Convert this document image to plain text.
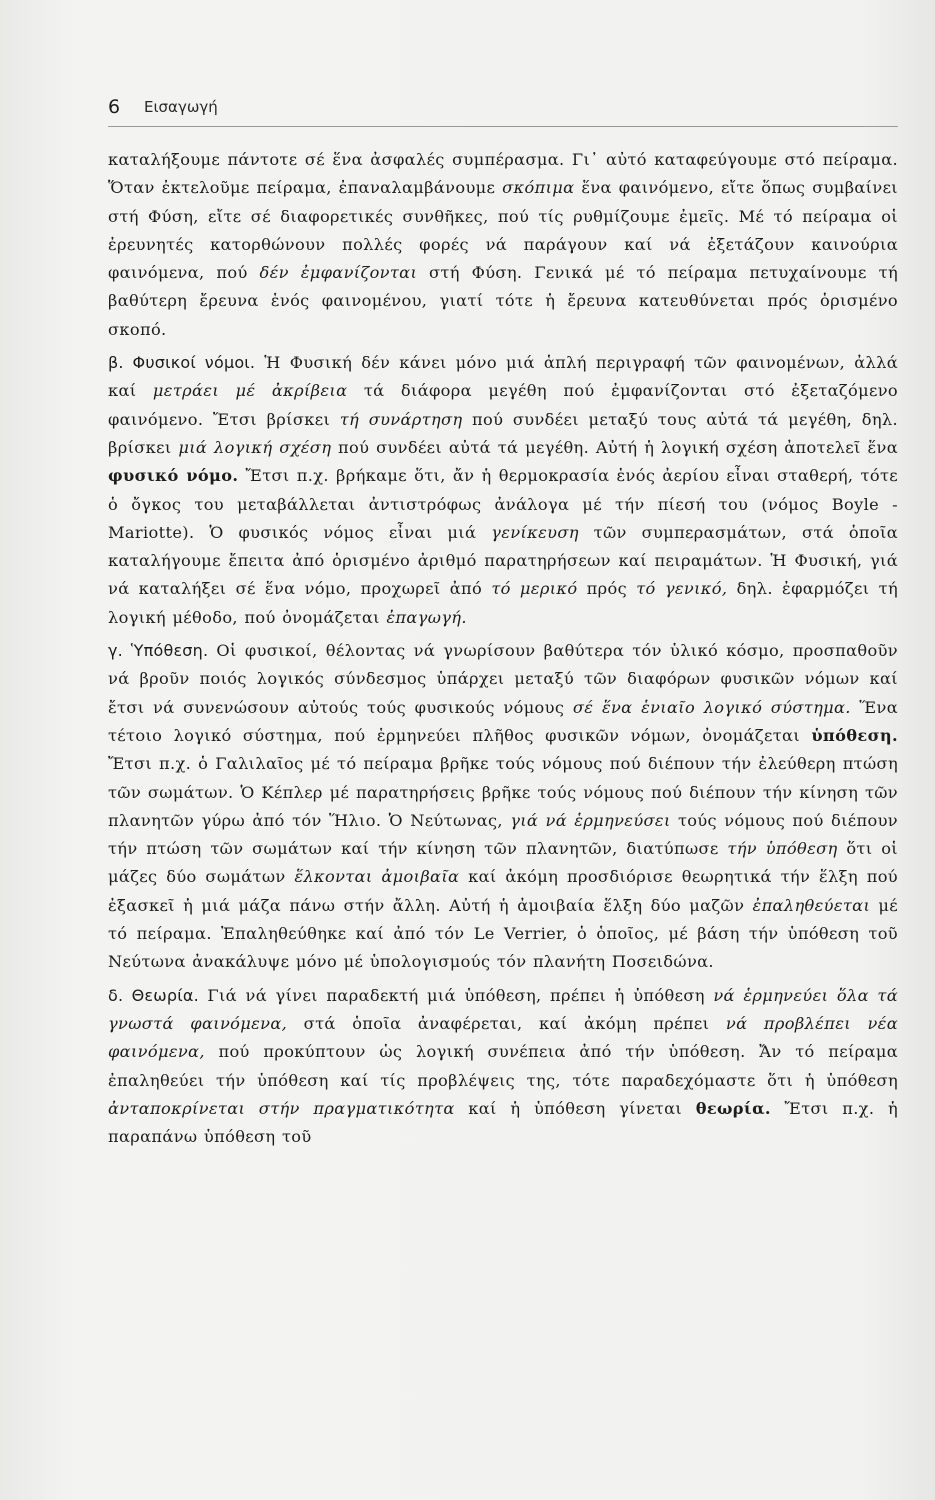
6 Εισαγωγή

καταλήξουμε πάντοτε σέ ἕνα ἀσφαλές συμπέρασμα. Γι᾽ αὐτό καταφεύγουμε στό πείραμα. Ὅταν ἐκτελοῦμε πείραμα, ἐπαναλαμβάνουμε σκόπιμα ἕνα φαινόμενο, εἴτε ὅπως συμβαίνει στή Φύση, εἴτε σέ διαφορετικές συνθῆκες, πού τίς ρυθμίζουμε ἐμεῖς. Μέ τό πείραμα οἱ ἐρευνητές κατορθώνουν πολλές φορές νά παράγουν καί νά ἐξετάζουν καινούρια φαινόμενα, πού δέν ἐμφανίζονται στή Φύση. Γενικά μέ τό πείραμα πετυχαίνουμε τή βαθύτερη ἔρευνα ἑνός φαινομένου, γιατί τότε ἡ ἔρευνα κατευθύνεται πρός ὁρισμένο σκοπό.

β. Φυσικοί νόμοι. Ἡ Φυσική δέν κάνει μόνο μιά ἁπλή περιγραφή τῶν φαινομένων, ἀλλά καί μετράει μέ ἀκρίβεια τά διάφορα μεγέθη πού ἐμφανίζονται στό ἐξεταζόμενο φαινόμενο. Ἔτσι βρίσκει τή συνάρτηση πού συνδέει μεταξύ τους αὐτά τά μεγέθη, δηλ. βρίσκει μιά λογική σχέση πού συνδέει αὐτά τά μεγέθη. Αὐτή ἡ λογική σχέση ἀποτελεῖ ἕνα φυσικό νόμο. Ἔτσι π.χ. βρήκαμε ὅτι, ἄν ἡ θερμοκρασία ἑνός ἀερίου εἶναι σταθερή, τότε ὁ ὄγκος του μεταβάλλεται ἀντιστρόφως ἀνάλογα μέ τήν πίεσή του (νόμος Boyle - Mariotte). Ὁ φυσικός νόμος εἶναι μιά γενίκευση τῶν συμπερασμάτων, στά ὁποῖα καταλήγουμε ἔπειτα ἀπό ὁρισμένο ἀριθμό παρατηρήσεων καί πειραμάτων. Ἡ Φυσική, γιά νά καταλήξει σέ ἕνα νόμο, προχωρεῖ ἀπό τό μερικό πρός τό γενικό, δηλ. ἐφαρμόζει τή λογική μέθοδο, πού ὀνομάζεται ἐπαγωγή.

γ. Ὑπόθεση. Οἱ φυσικοί, θέλοντας νά γνωρίσουν βαθύτερα τόν ὑλικό κόσμο, προσπαθοῦν νά βροῦν ποιός λογικός σύνδεσμος ὑπάρχει μεταξύ τῶν διαφόρων φυσικῶν νόμων καί ἔτσι νά συνενώσουν αὐτούς τούς φυσικούς νόμους σέ ἕνα ἑνιαῖο λογικό σύστημα. Ἕνα τέτοιο λογικό σύστημα, πού ἑρμηνεύει πλῆθος φυσικῶν νόμων, ὀνομάζεται ὑπόθεση. Ἔτσι π.χ. ὁ Γαλιλαῖος μέ τό πείραμα βρῆκε τούς νόμους πού διέπουν τήν ἐλεύθερη πτώση τῶν σωμάτων. Ὁ Κέπλερ μέ παρατηρήσεις βρῆκε τούς νόμους πού διέπουν τήν κίνηση τῶν πλανητῶν γύρω ἀπό τόν Ἥλιο. Ὁ Νεύτωνας, γιά νά ἑρμηνεύσει τούς νόμους πού διέπουν τήν πτώση τῶν σωμάτων καί τήν κίνηση τῶν πλανητῶν, διατύπωσε τήν ὑπόθεση ὅτι οἱ μάζες δύο σωμάτων ἕλκονται ἀμοιβαῖα καί ἀκόμη προσδιόρισε θεωρητικά τήν ἕλξη πού ἐξασκεῖ ἡ μιά μάζα πάνω στήν ἄλλη. Αὐτή ἡ ἀμοιβαία ἕλξη δύο μαζῶν ἐπαληθεύεται μέ τό πείραμα. Ἐπαληθεύθηκε καί ἀπό τόν Le Verrier, ὁ ὁποῖος, μέ βάση τήν ὑπόθεση τοῦ Νεύτωνα ἀνακάλυψε μόνο μέ ὑπολογισμούς τόν πλανήτη Ποσειδώνα.

δ. Θεωρία. Γιά νά γίνει παραδεκτή μιά ὑπόθεση, πρέπει ἡ ὑπόθεση νά ἑρμηνεύει ὅλα τά γνωστά φαινόμενα, στά ὁποῖα ἀναφέρεται, καί ἀκόμη πρέπει νά προβλέπει νέα φαινόμενα, πού προκύπτουν ὡς λογική συνέπεια ἀπό τήν ὑπόθεση. Ἄν τό πείραμα ἐπαληθεύει τήν ὑπόθεση καί τίς προβλέψεις της, τότε παραδεχόμαστε ὅτι ἡ ὑπόθεση ἀνταποκρίνεται στήν πραγματικότητα καί ἡ ὑπόθεση γίνεται θεωρία. Ἔτσι π.χ. ἡ παραπάνω ὑπόθεση τοῦ
